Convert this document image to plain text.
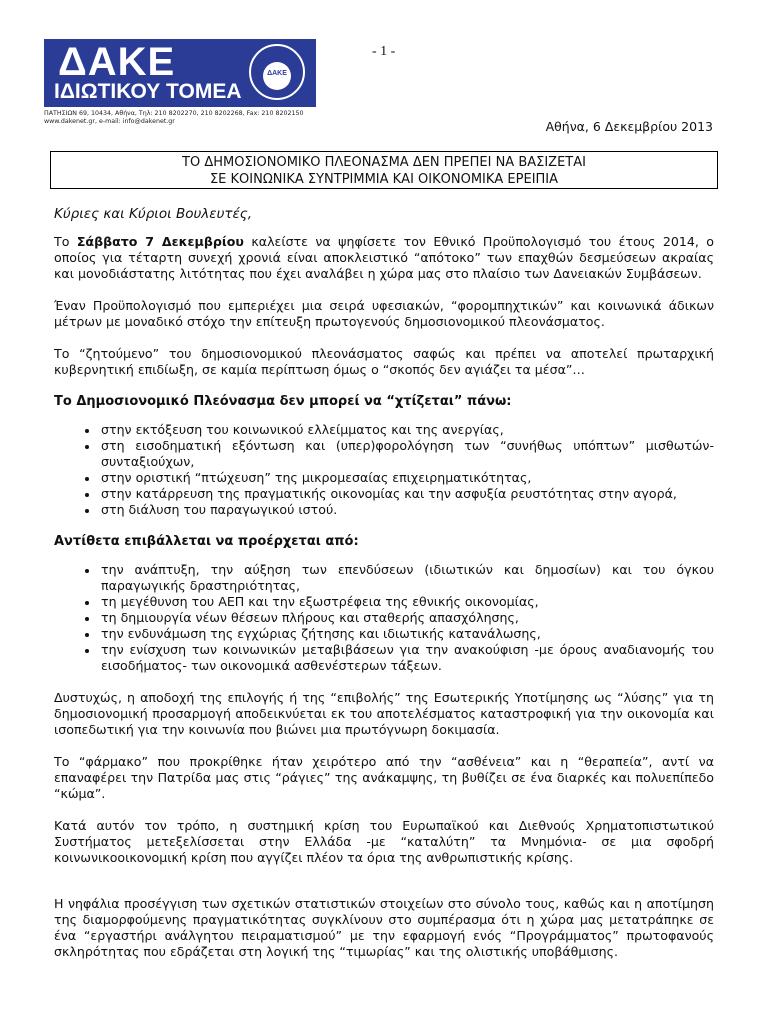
ΔΑΚΕ
ΙΔΙΩΤΙΚΟΥ ΤΟΜΕΑ
ΔΑΚΕ
ΠΑΤΗΣΙΩΝ 69, 10434, Αθήνα, Τηλ: 210 8202270, 210 8202268, Fax: 210 8202150
www.dakenet.gr, e-mail: info@dakenet.gr
- 1 -
Αθήνα, 6 Δεκεμβρίου 2013
ΤΟ ΔΗΜΟΣΙΟΝΟΜΙΚΟ ΠΛΕΟΝΑΣΜΑ ΔΕΝ ΠΡΕΠΕΙ ΝΑ ΒΑΣΙΖΕΤΑΙ
ΣΕ ΚΟΙΝΩΝΙΚΑ ΣΥΝΤΡΙΜΜΙΑ ΚΑΙ ΟΙΚΟΝΟΜΙΚΑ ΕΡΕΙΠΙΑ

Κύριες και Κύριοι Βουλευτές,

Το Σάββατο 7 Δεκεμβρίου καλείστε να ψηφίσετε τον Εθνικό Προϋπολογισμό του έτους 2014, ο οποίος για τέταρτη συνεχή χρονιά είναι αποκλειστικό “απότοκο” των επαχθών δεσμεύσεων ακραίας και μονοδιάστατης λιτότητας που έχει αναλάβει η χώρα μας στο πλαίσιο των Δανειακών Συμβάσεων.

Έναν Προϋπολογισμό που εμπεριέχει μια σειρά υφεσιακών, “φορομπηχτικών” και κοινωνικά άδικων μέτρων με μοναδικό στόχο την επίτευξη πρωτογενούς δημοσιονομικού πλεονάσματος.

Το “ζητούμενο” του δημοσιονομικού πλεονάσματος σαφώς και πρέπει να αποτελεί πρωταρχική κυβερνητική επιδίωξη, σε καμία περίπτωση όμως ο “σκοπός δεν αγιάζει τα μέσα”…

Το Δημοσιονομικό Πλεόνασμα δεν μπορεί να “χτίζεται” πάνω:

• στην εκτόξευση του κοινωνικού ελλείμματος και της ανεργίας,
• στη εισοδηματική εξόντωση και (υπερ)φορολόγηση των “συνήθως υπόπτων” μισθωτών-συνταξιούχων,
• στην οριστική “πτώχευση” της μικρομεσαίας επιχειρηματικότητας,
• στην κατάρρευση της πραγματικής οικονομίας και την ασφυξία ρευστότητας στην αγορά,
• στη διάλυση του παραγωγικού ιστού.

Αντίθετα επιβάλλεται να προέρχεται από:

• την ανάπτυξη, την αύξηση των επενδύσεων (ιδιωτικών και δημοσίων) και του όγκου παραγωγικής δραστηριότητας,
• τη μεγέθυνση του ΑΕΠ και την εξωστρέφεια της εθνικής οικονομίας,
• τη δημιουργία νέων θέσεων πλήρους και σταθερής απασχόλησης,
• την ενδυνάμωση της εγχώριας ζήτησης και ιδιωτικής κατανάλωσης,
• την ενίσχυση των κοινωνικών μεταβιβάσεων για την ανακούφιση -με όρους αναδιανομής του εισοδήματος- των οικονομικά ασθενέστερων τάξεων.

Δυστυχώς, η αποδοχή της επιλογής ή της “επιβολής” της Εσωτερικής Υποτίμησης ως “λύσης” για τη δημοσιονομική προσαρμογή αποδεικνύεται εκ του αποτελέσματος καταστροφική για την οικονομία και ισοπεδωτική για την κοινωνία που βιώνει μια πρωτόγνωρη δοκιμασία.

Το “φάρμακο” που προκρίθηκε ήταν χειρότερο από την “ασθένεια” και η “θεραπεία”, αντί να επαναφέρει την Πατρίδα μας στις “ράγιες” της ανάκαμψης, τη βυθίζει σε ένα διαρκές και πολυεπίπεδο “κώμα”.

Κατά αυτόν τον τρόπο, η συστημική κρίση του Ευρωπαϊκού και Διεθνούς Χρηματοπιστωτικού Συστήματος μετεξελίσσεται στην Ελλάδα -με “καταλύτη” τα Μνημόνια- σε μια σφοδρή κοινωνικοοικονομική κρίση που αγγίζει πλέον τα όρια της ανθρωπιστικής κρίσης.

Η νηφάλια προσέγγιση των σχετικών στατιστικών στοιχείων στο σύνολο τους, καθώς και η αποτίμηση της διαμορφούμενης πραγματικότητας συγκλίνουν στο συμπέρασμα ότι η χώρα μας μετατράπηκε σε ένα “εργαστήρι ανάλγητου πειραματισμού” με την εφαρμογή ενός “Προγράμματος” πρωτοφανούς σκληρότητας που εδράζεται στη λογική της “τιμωρίας” και της ολιστικής υποβάθμισης.
